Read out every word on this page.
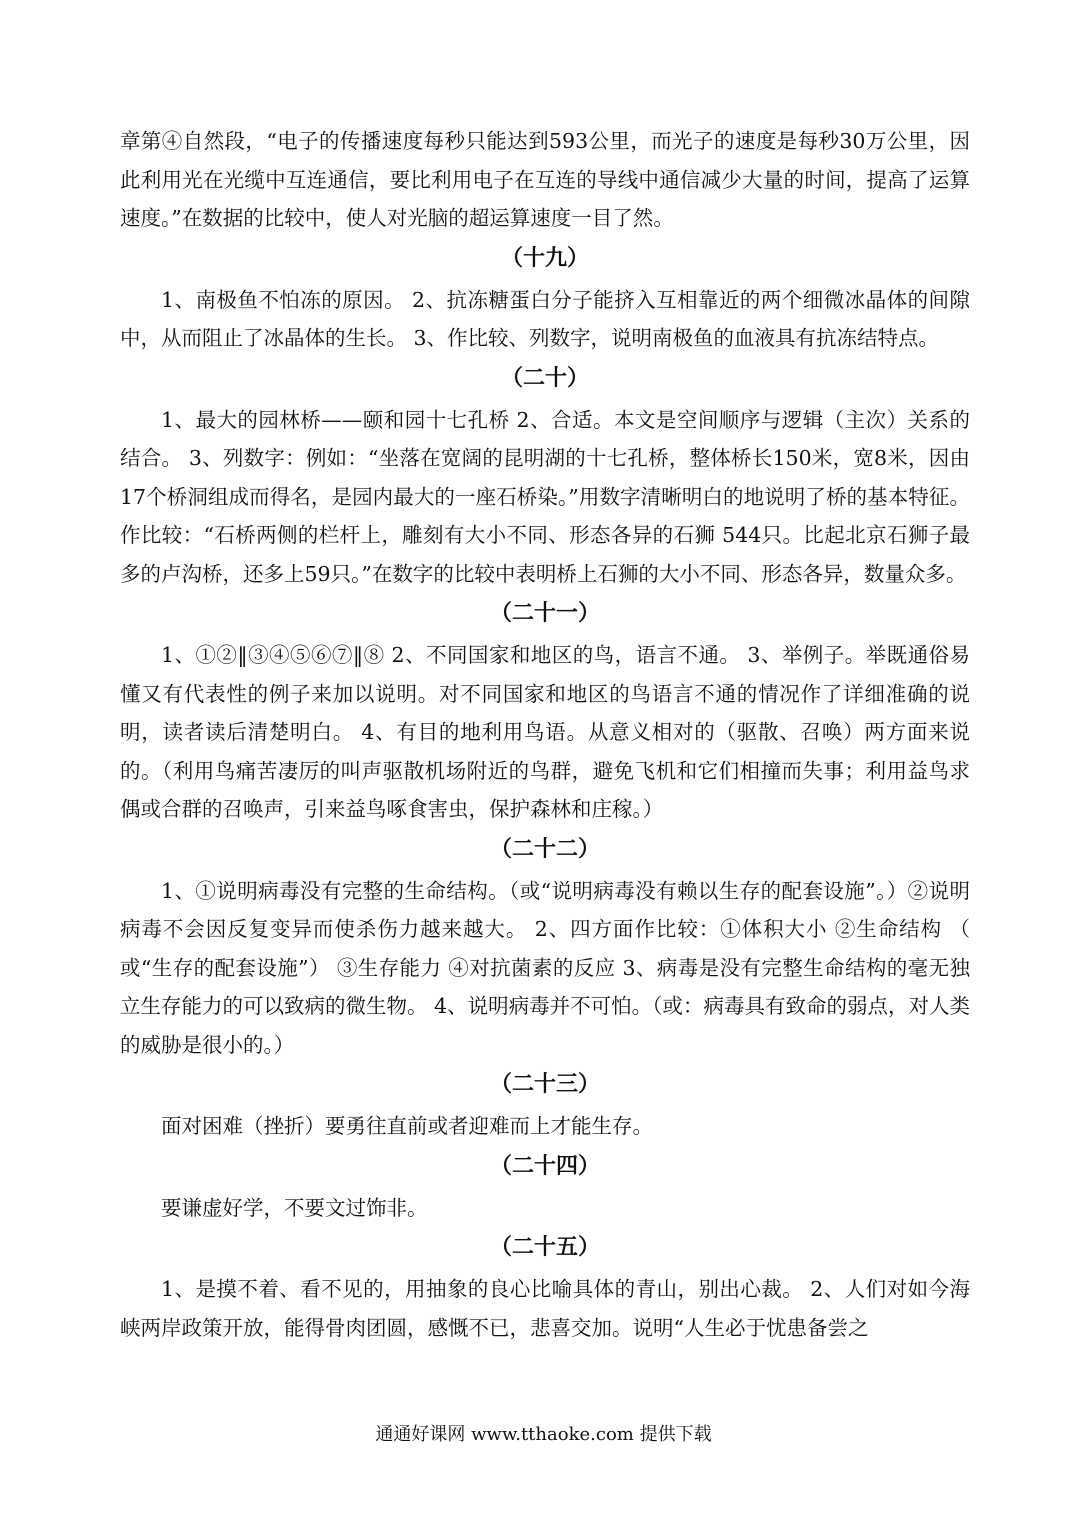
章第④自然段，“电子的传播速度每秒只能达到593公里，而光子的速度是每秒30万公里，因此利用光在光缆中互连通信，要比利用电子在互连的导线中通信减少大量的时间，提高了运算速度。”在数据的比较中，使人对光脑的超运算速度一目了然。

（十九）

1、南极鱼不怕冻的原因。 2、抗冻糖蛋白分子能挤入互相靠近的两个细微冰晶体的间隙中，从而阻止了冰晶体的生长。 3、作比较、列数字，说明南极鱼的血液具有抗冻结特点。

（二十）

1、最大的园林桥——颐和园十七孔桥 2、合适。本文是空间顺序与逻辑（主次）关系的结合。 3、列数字：例如：“坐落在宽阔的昆明湖的十七孔桥，整体桥长150米，宽8米，因由17个桥洞组成而得名，是园内最大的一座石桥染。”用数字清晰明白的地说明了桥的基本特征。作比较：“石桥两侧的栏杆上，雕刻有大小不同、形态各异的石狮 544只。比起北京石狮子最多的卢沟桥，还多上59只。”在数字的比较中表明桥上石狮的大小不同、形态各异，数量众多。

（二十一）

1、①②‖③④⑤⑥⑦‖⑧ 2、不同国家和地区的鸟，语言不通。 3、举例子。举既通俗易懂又有代表性的例子来加以说明。对不同国家和地区的鸟语言不通的情况作了详细准确的说明，读者读后清楚明白。 4、有目的地利用鸟语。从意义相对的（驱散、召唤）两方面来说的。（利用鸟痛苦凄厉的叫声驱散机场附近的鸟群，避免飞机和它们相撞而失事；利用益鸟求偶或合群的召唤声，引来益鸟啄食害虫，保护森林和庄稼。）

（二十二）

1、①说明病毒没有完整的生命结构。（或“说明病毒没有赖以生存的配套设施”。）②说明病毒不会因反复变异而使杀伤力越来越大。 2、四方面作比较：①体积大小 ②生命结构 （ 或“生存的配套设施”） ③生存能力 ④对抗菌素的反应 3、病毒是没有完整生命结构的毫无独立生存能力的可以致病的微生物。 4、说明病毒并不可怕。（或：病毒具有致命的弱点，对人类的威胁是很小的。）

（二十三）

面对困难（挫折）要勇往直前或者迎难而上才能生存。

（二十四）

要谦虚好学，不要文过饰非。

（二十五）

1、是摸不着、看不见的，用抽象的良心比喻具体的青山，别出心裁。 2、人们对如今海峡两岸政策开放，能得骨肉团圆，感慨不已，悲喜交加。说明“人生必于忧患备尝之

通通好课网 www.tthaoke.com 提供下载
